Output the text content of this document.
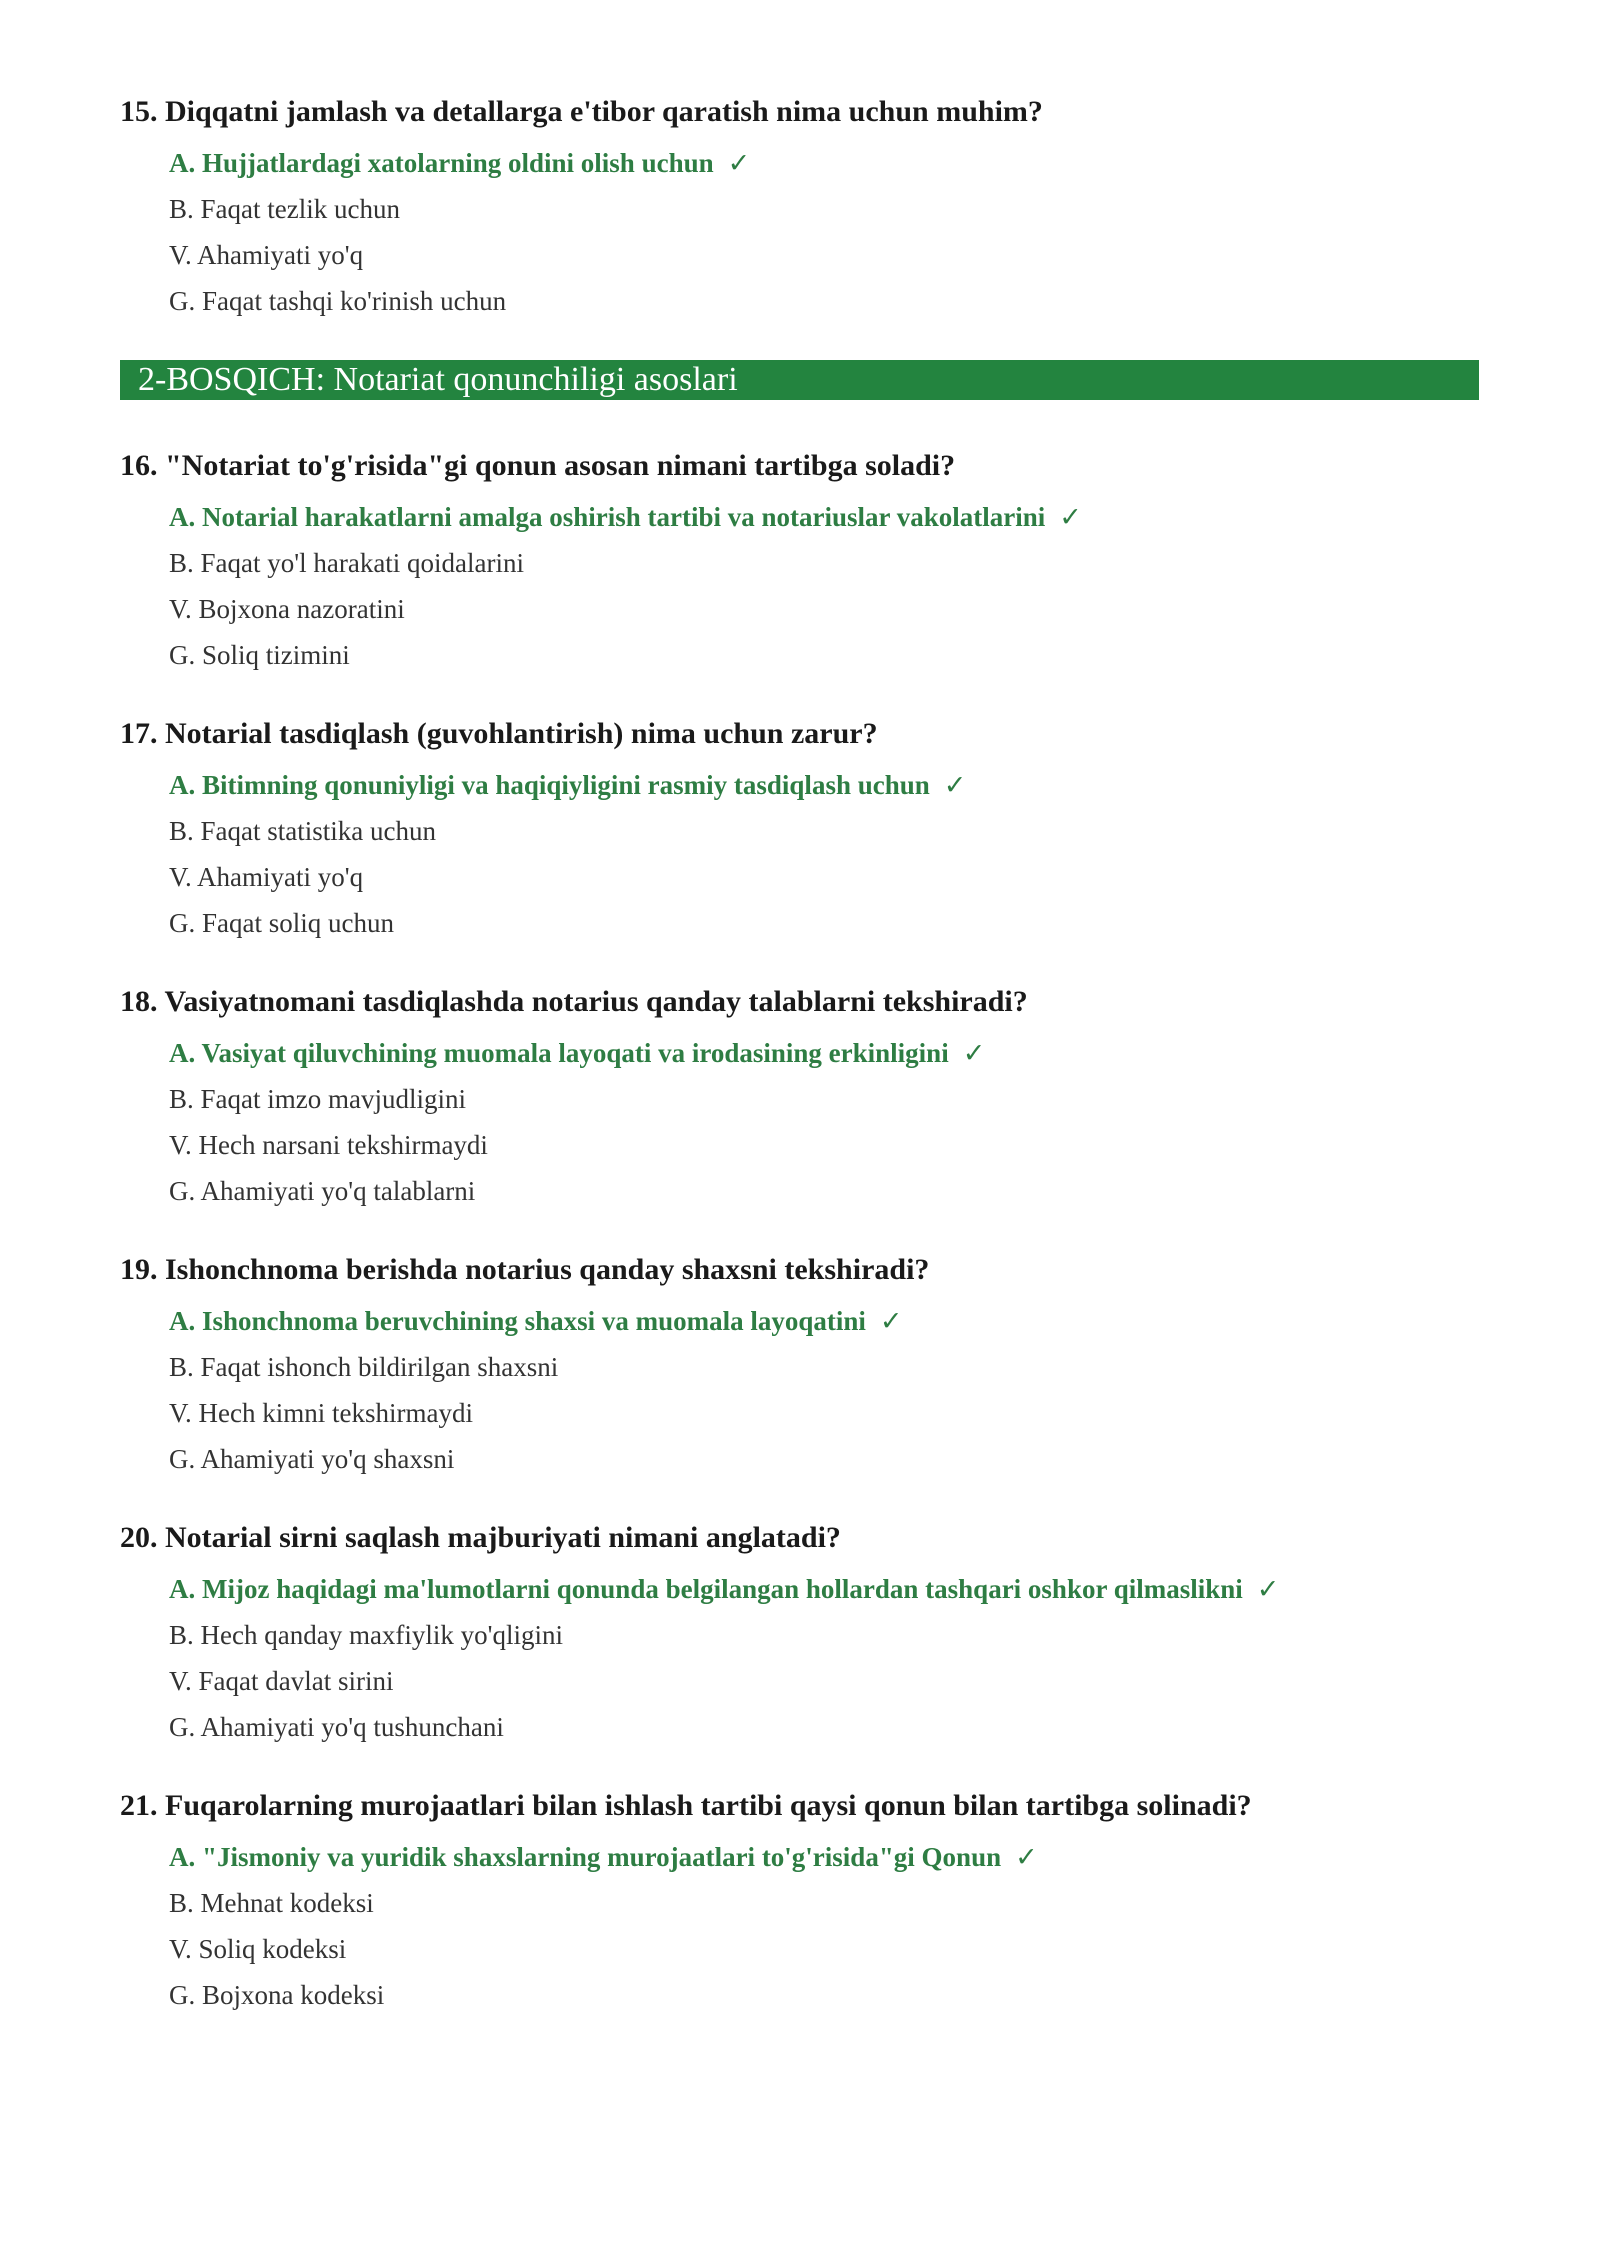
15. Diqqatni jamlash va detallarga e'tibor qaratish nima uchun muhim?
A. Hujjatlardagi xatolarning oldini olish uchun ✓
B. Faqat tezlik uchun
V. Ahamiyati yo'q
G. Faqat tashqi ko'rinish uchun
2-BOSQICH: Notariat qonunchiligi asoslari
16. "Notariat to'g'risida"gi qonun asosan nimani tartibga soladi?
A. Notarial harakatlarni amalga oshirish tartibi va notariuslar vakolatlarini ✓
B. Faqat yo'l harakati qoidalarini
V. Bojxona nazoratini
G. Soliq tizimini
17. Notarial tasdiqlash (guvohlantirish) nima uchun zarur?
A. Bitimning qonuniyligi va haqiqiyligini rasmiy tasdiqlash uchun ✓
B. Faqat statistika uchun
V. Ahamiyati yo'q
G. Faqat soliq uchun
18. Vasiyatnomani tasdiqlashda notarius qanday talablarni tekshiradi?
A. Vasiyat qiluvchining muomala layoqati va irodasining erkinligini ✓
B. Faqat imzo mavjudligini
V. Hech narsani tekshirmaydi
G. Ahamiyati yo'q talablarni
19. Ishonchnoma berishda notarius qanday shaxsni tekshiradi?
A. Ishonchnoma beruvchining shaxsi va muomala layoqatini ✓
B. Faqat ishonch bildirilgan shaxsni
V. Hech kimni tekshirmaydi
G. Ahamiyati yo'q shaxsni
20. Notarial sirni saqlash majburiyati nimani anglatadi?
A. Mijoz haqidagi ma'lumotlarni qonunda belgilangan hollardan tashqari oshkor qilmaslikni ✓
B. Hech qanday maxfiylik yo'qligini
V. Faqat davlat sirini
G. Ahamiyati yo'q tushunchani
21. Fuqarolarning murojaatlari bilan ishlash tartibi qaysi qonun bilan tartibga solinadi?
A. "Jismoniy va yuridik shaxslarning murojaatlari to'g'risida"gi Qonun ✓
B. Mehnat kodeksi
V. Soliq kodeksi
G. Bojxona kodeksi
